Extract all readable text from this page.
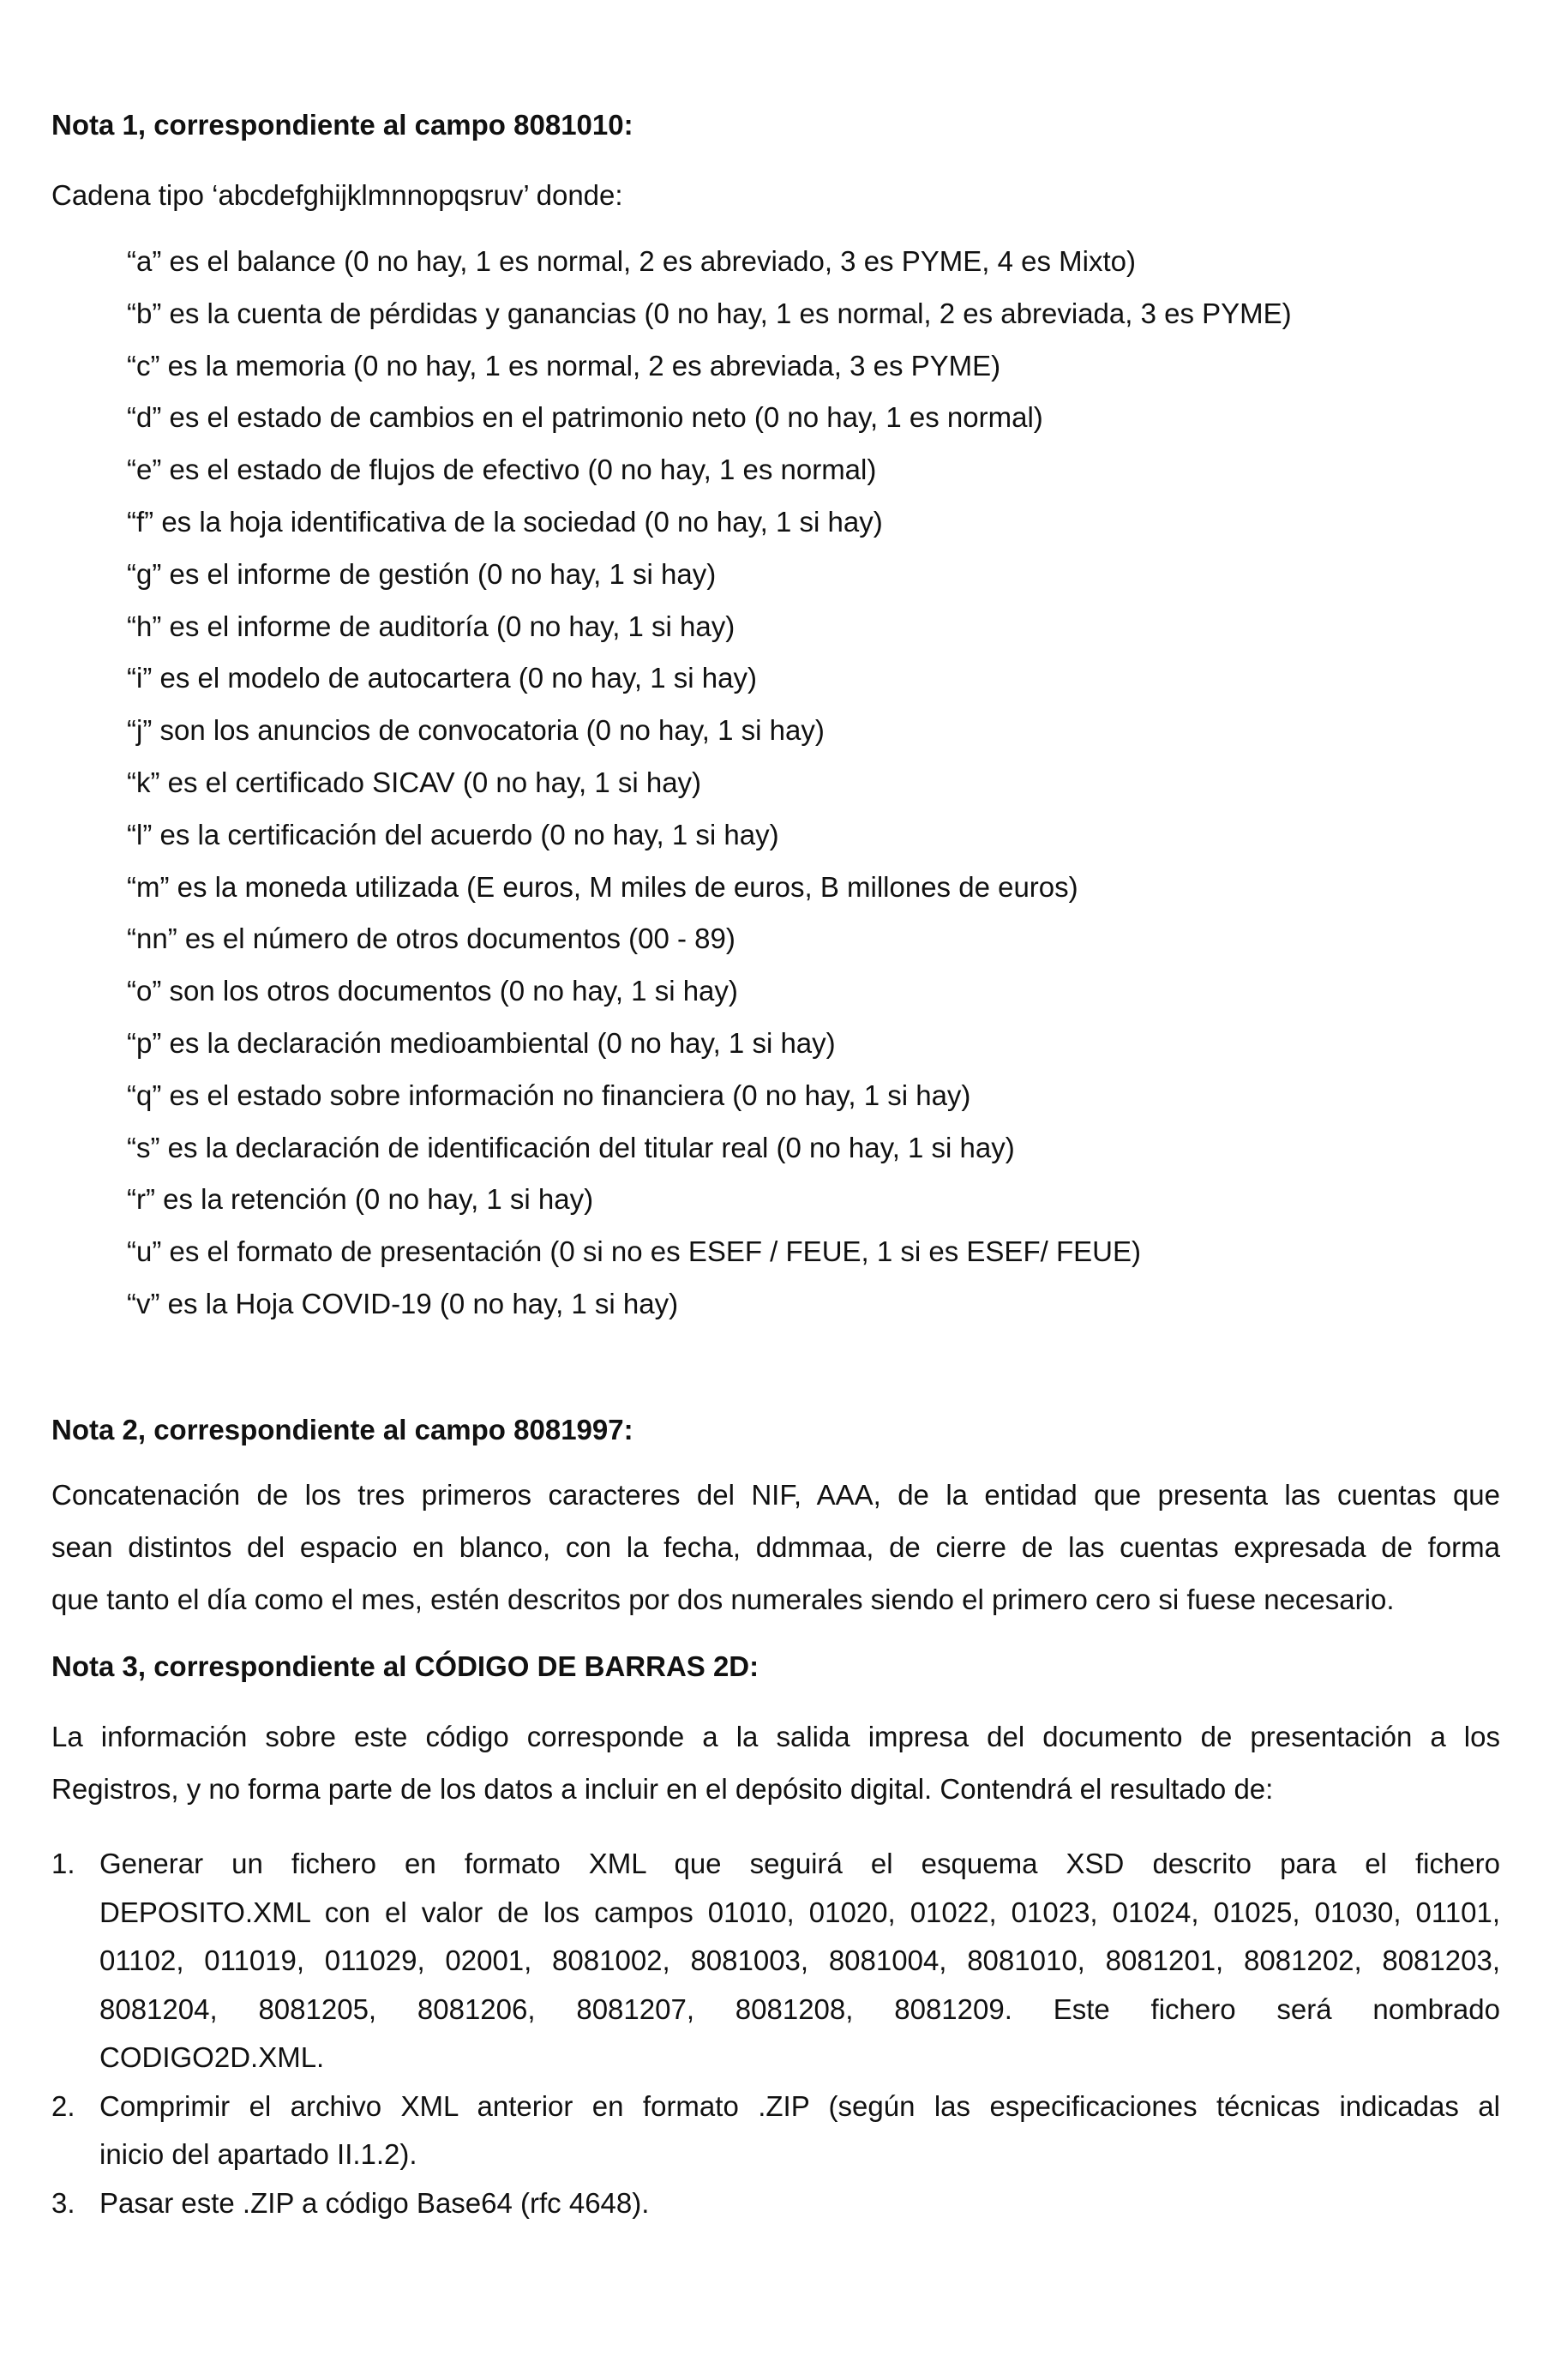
Nota 1, correspondiente al campo 8081010:
Cadena tipo ‘abcdefghijklmnnopqsruv’ donde:
“a” es el balance (0 no hay, 1 es normal, 2 es abreviado, 3 es PYME, 4 es Mixto)
“b” es la cuenta de pérdidas y ganancias (0 no hay, 1 es normal, 2 es abreviada, 3 es PYME)
“c” es la memoria (0 no hay, 1 es normal, 2 es abreviada, 3 es PYME)
“d” es el estado de cambios en el patrimonio neto (0 no hay, 1 es normal)
“e” es el estado de flujos de efectivo (0 no hay, 1 es normal)
“f” es la hoja identificativa de la sociedad (0 no hay, 1 si hay)
“g” es el informe de gestión (0 no hay, 1 si hay)
“h” es el informe de auditoría (0 no hay, 1 si hay)
“i” es el modelo de autocartera (0 no hay, 1 si hay)
“j” son los anuncios de convocatoria (0 no hay, 1 si hay)
“k” es el certificado SICAV (0 no hay, 1 si hay)
“l” es la certificación del acuerdo (0 no hay, 1 si hay)
“m” es la moneda utilizada (E euros, M miles de euros, B millones de euros)
“nn” es el número de otros documentos (00 - 89)
“o” son los otros documentos (0 no hay, 1 si hay)
“p” es la declaración medioambiental (0 no hay, 1 si hay)
“q” es el estado sobre información no financiera (0 no hay, 1 si hay)
“s” es la declaración de identificación del titular real (0 no hay, 1 si hay)
“r” es la retención (0 no hay, 1 si hay)
“u” es el formato de presentación (0 si no es ESEF / FEUE, 1 si es ESEF/ FEUE)
“v” es la Hoja COVID-19 (0 no hay, 1 si hay)
Nota 2, correspondiente al campo 8081997:
Concatenación de los tres primeros caracteres del NIF, AAA, de la entidad que presenta las cuentas que
sean distintos del espacio en blanco, con la fecha, ddmmaa, de cierre de las cuentas expresada de forma
que tanto el día como el mes, estén descritos por dos numerales siendo el primero cero si fuese necesario.
Nota 3, correspondiente al CÓDIGO DE BARRAS 2D:
La información sobre este código corresponde a la salida impresa del documento de presentación a los
Registros, y no forma parte de los datos a incluir en el depósito digital. Contendrá el resultado de:
1. Generar un fichero en formato XML que seguirá el esquema XSD descrito para el fichero
DEPOSITO.XML con el valor de los campos 01010, 01020, 01022, 01023, 01024, 01025, 01030, 01101,
01102, 011019, 011029, 02001, 8081002, 8081003, 8081004, 8081010, 8081201, 8081202, 8081203,
8081204, 8081205, 8081206, 8081207, 8081208, 8081209. Este fichero será nombrado
CODIGO2D.XML.
2. Comprimir el archivo XML anterior en formato .ZIP (según las especificaciones técnicas indicadas al
inicio del apartado II.1.2).
3. Pasar este .ZIP a código Base64 (rfc 4648).
